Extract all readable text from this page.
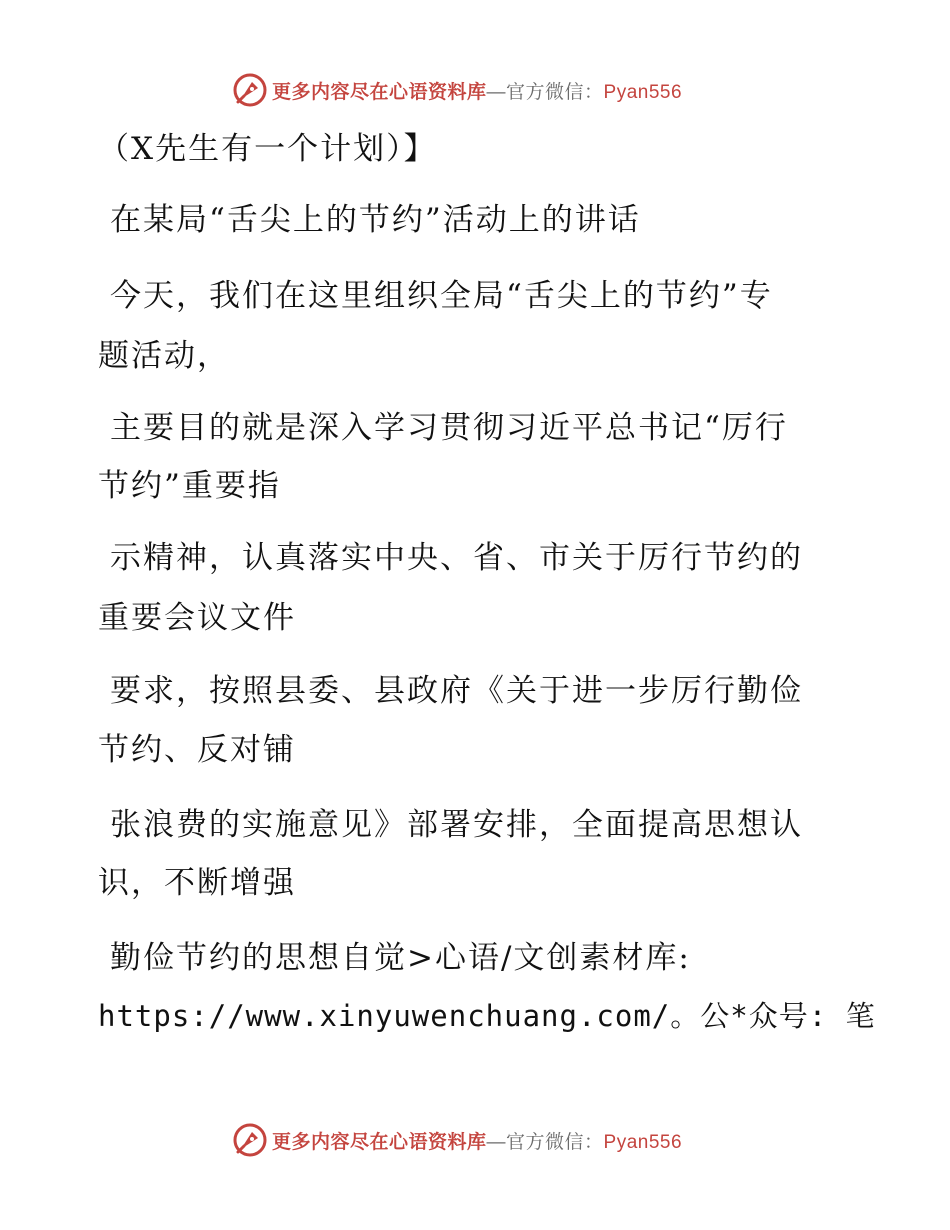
更多内容尽在心语资料库—官方微信：Pyan556
（X先生有一个计划）】
在某局“舌尖上的节约”活动上的讲话
今天，我们在这里组织全局“舌尖上的节约”专
题活动，
主要目的就是深入学习贯彻习近平总书记“厉行
节约”重要指
示精神，认真落实中央、省、市关于厉行节约的
重要会议文件
要求，按照县委、县政府《关于进一步厉行勤俭
节约、反对铺
张浪费的实施意见》部署安排，全面提高思想认
识，不断增强
勤俭节约的思想自觉>心语/文创素材库:
https://www.xinyuwenchuang.com/。公*众号: 笔
更多内容尽在心语资料库—官方微信：Pyan556
